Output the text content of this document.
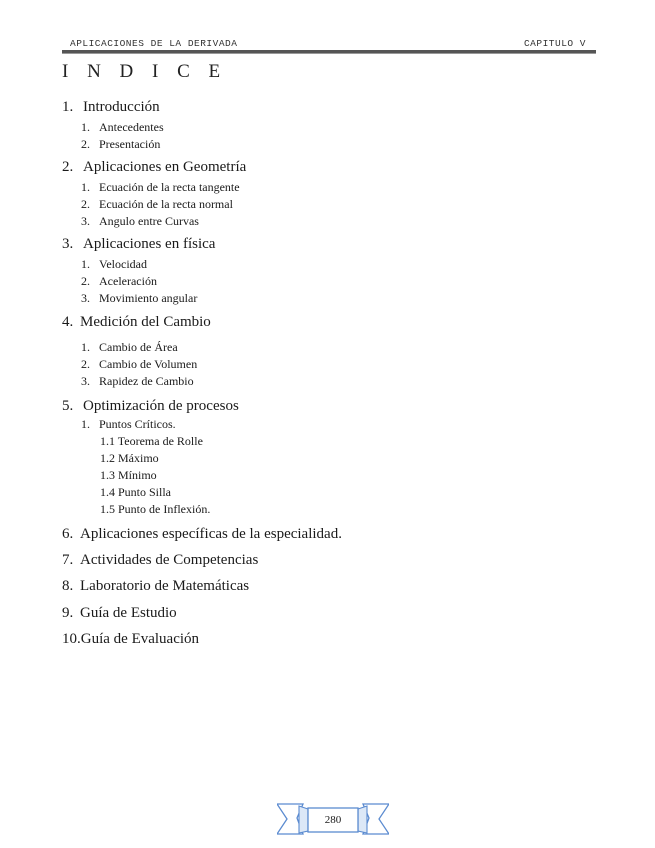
APLICACIONES DE LA DERIVADA	CAPITULO V
I N D I C E
1. Introducción
1. Antecedentes
2. Presentación
2. Aplicaciones en Geometría
1. Ecuación de la recta tangente
2. Ecuación de la recta normal
3. Angulo entre Curvas
3. Aplicaciones en física
1. Velocidad
2. Aceleración
3. Movimiento angular
4. Medición del Cambio
1. Cambio de Área
2. Cambio de Volumen
3. Rapidez de Cambio
5. Optimización de procesos
1. Puntos Críticos.
1.1 Teorema de Rolle
1.2 Máximo
1.3 Mínimo
1.4 Punto Silla
1.5 Punto de Inflexión.
6. Aplicaciones específicas de la especialidad.
7. Actividades de Competencias
8. Laboratorio de Matemáticas
9. Guía de Estudio
10.Guía de Evaluación
280
